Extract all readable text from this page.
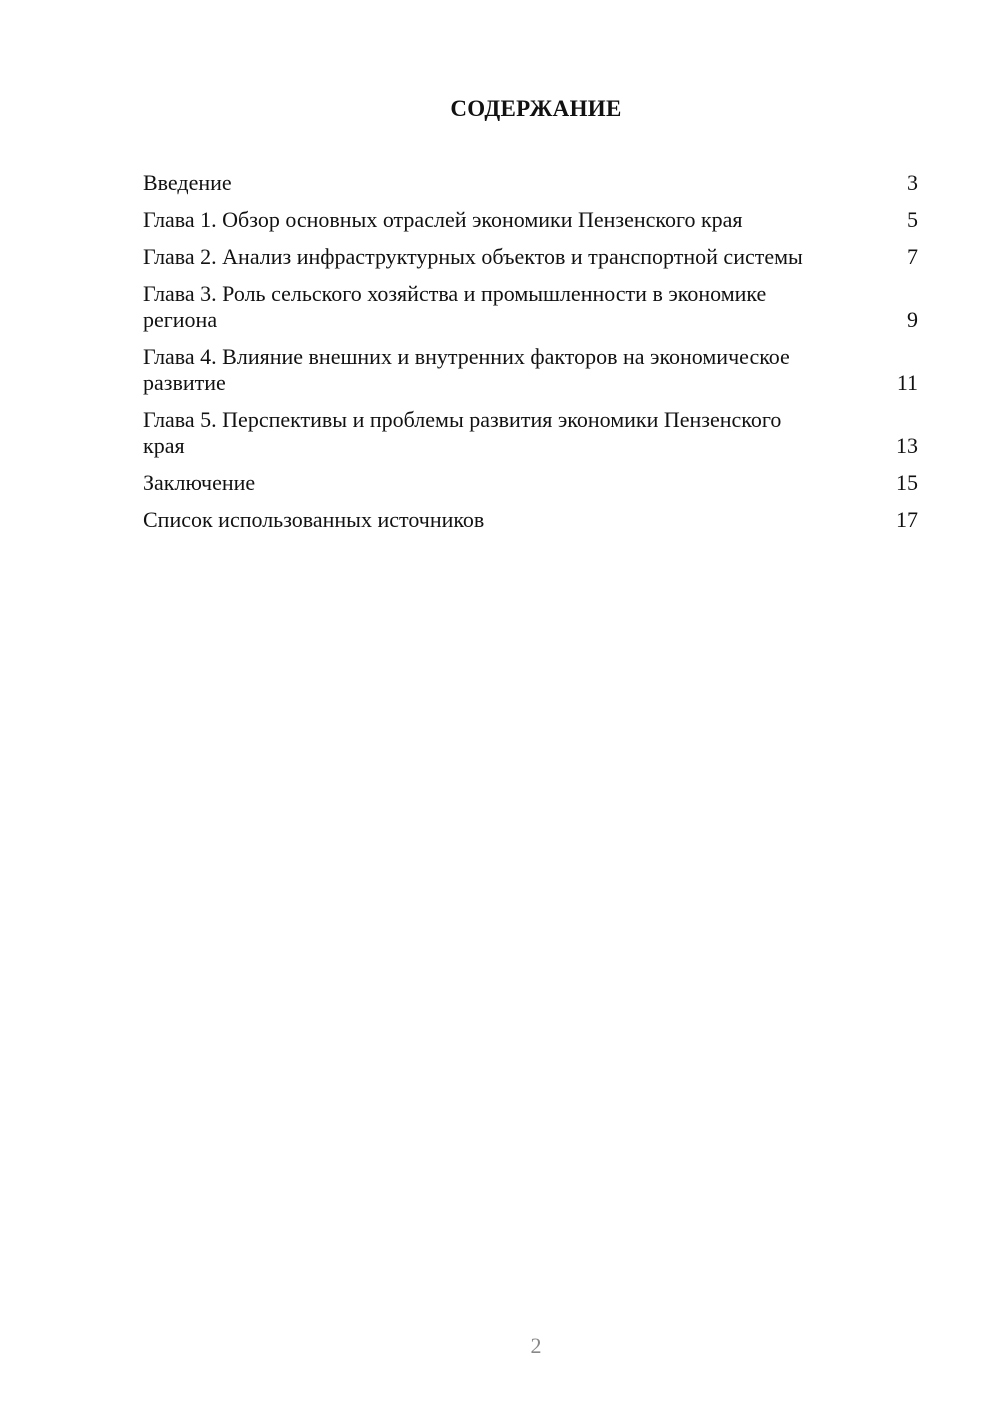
СОДЕРЖАНИЕ
Введение	3
Глава 1. Обзор основных отраслей экономики Пензенского края	5
Глава 2. Анализ инфраструктурных объектов и транспортной системы	7
Глава 3. Роль сельского хозяйства и промышленности в экономике региона	9
Глава 4. Влияние внешних и внутренних факторов на экономическое развитие	11
Глава 5. Перспективы и проблемы развития экономики Пензенского края	13
Заключение	15
Список использованных источников	17
2
